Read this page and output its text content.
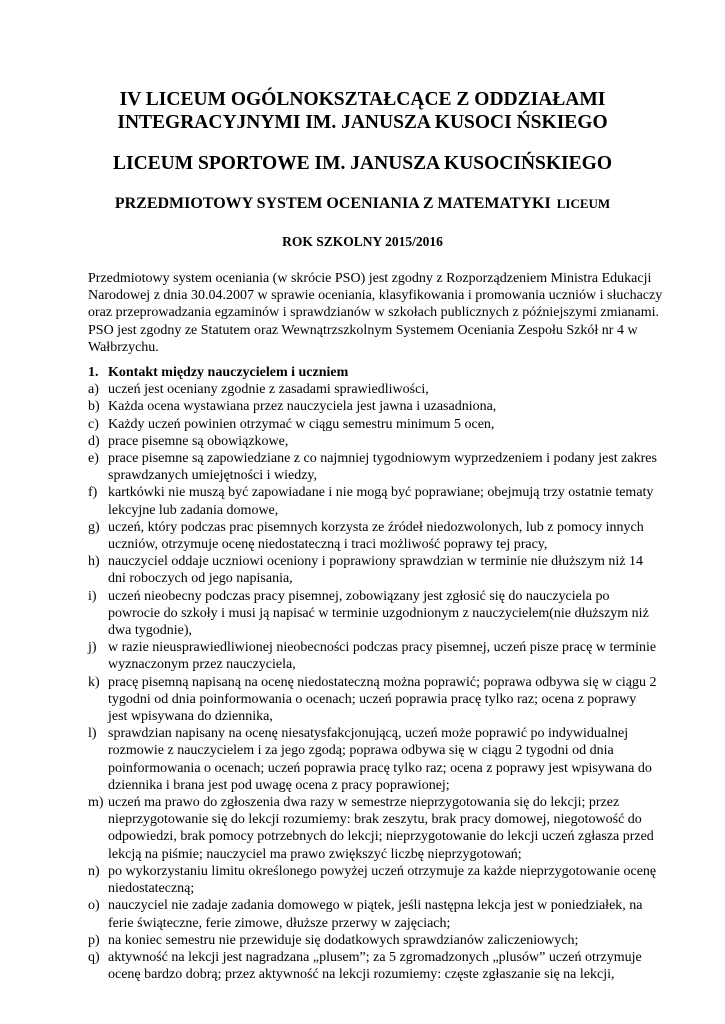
IV LICEUM OGÓLNOKSZTAŁCĄCE Z ODDZIAŁAMI
INTEGRACYJNYMI IM. JANUSZA KUSOCI ŃSKIEGO
LICEUM SPORTOWE IM. JANUSZA KUSOCIŃSKIEGO
PRZEDMIOTOWY SYSTEM OCENIANIA Z MATEMATYKI LICEUM
ROK SZKOLNY 2015/2016
Przedmiotowy system oceniania (w skrócie PSO) jest zgodny z Rozporządzeniem Ministra Edukacji
Narodowej z dnia 30.04.2007 w sprawie oceniania, klasyfikowania i promowania uczniów i słuchaczy
oraz przeprowadzania egzaminów i sprawdzianów w szkołach publicznych z późniejszymi zmianami.
PSO jest zgodny ze Statutem oraz Wewnątrzszkolnym Systemem Oceniania Zespołu Szkół nr 4 w
Wałbrzychu.
1. Kontakt między nauczycielem i uczniem
a) uczeń jest oceniany zgodnie z zasadami sprawiedliwości,
b) Każda ocena wystawiana przez nauczyciela jest jawna i uzasadniona,
c) Każdy uczeń powinien otrzymać w ciągu semestru minimum 5 ocen,
d) prace pisemne są obowiązkowe,
e) prace pisemne są zapowiedziane z co najmniej tygodniowym wyprzedzeniem i podany jest zakres
sprawdzanych umiejętności i wiedzy,
f) kartkówki nie muszą być zapowiadane i nie mogą być poprawiane; obejmują trzy ostatnie tematy
lekcyjne lub zadania domowe,
g) uczeń, który podczas prac pisemnych korzysta ze źródeł niedozwolonych, lub z pomocy innych
uczniów, otrzymuje ocenę niedostateczną i traci możliwość poprawy tej pracy,
h) nauczyciel oddaje uczniowi oceniony i poprawiony sprawdzian w terminie nie dłuższym niż 14
dni roboczych od jego napisania,
i) uczeń nieobecny podczas pracy pisemnej, zobowiązany jest zgłosić się do nauczyciela po
powrocie do szkoły i musi ją napisać w terminie uzgodnionym z nauczycielem(nie dłuższym niż
dwa tygodnie),
j) w razie nieusprawiedliwionej nieobecności podczas pracy pisemnej, uczeń pisze pracę w terminie
wyznaczonym przez nauczyciela,
k) pracę pisemną napisaną na ocenę niedostateczną można poprawić; poprawa odbywa się w ciągu 2
tygodni od dnia poinformowania o ocenach; uczeń poprawia pracę tylko raz; ocena z poprawy
jest wpisywana do dziennika,
l) sprawdzian napisany na ocenę niesatysfakcjonującą, uczeń może poprawić po indywidualnej
rozmowie z nauczycielem i za jego zgodą; poprawa odbywa się w ciągu 2 tygodni od dnia
poinformowania o ocenach; uczeń poprawia pracę tylko raz; ocena z poprawy jest wpisywana do
dziennika i brana jest pod uwagę ocena z pracy poprawionej;
m) uczeń ma prawo do zgłoszenia dwa razy w semestrze nieprzygotowania się do lekcji; przez
nieprzygotowanie się do lekcji rozumiemy: brak zeszytu, brak pracy domowej, niegotowość do
odpowiedzi, brak pomocy potrzebnych do lekcji; nieprzygotowanie do lekcji uczeń zgłasza przed
lekcją na piśmie; nauczyciel ma prawo zwiększyć liczbę nieprzygotowań;
n) po wykorzystaniu limitu określonego powyżej uczeń otrzymuje za każde nieprzygotowanie ocenę
niedostateczną;
o) nauczyciel nie zadaje zadania domowego w piątek, jeśli następna lekcja jest w poniedziałek, na
ferie świąteczne, ferie zimowe, dłuższe przerwy w zajęciach;
p) na koniec semestru nie przewiduje się dodatkowych sprawdzianów zaliczeniowych;
q) aktywność na lekcji jest nagradzana „plusem”; za 5 zgromadzonych „plusów” uczeń otrzymuje
ocenę bardzo dobrą; przez aktywność na lekcji rozumiemy: częste zgłaszanie się na lekcji,
